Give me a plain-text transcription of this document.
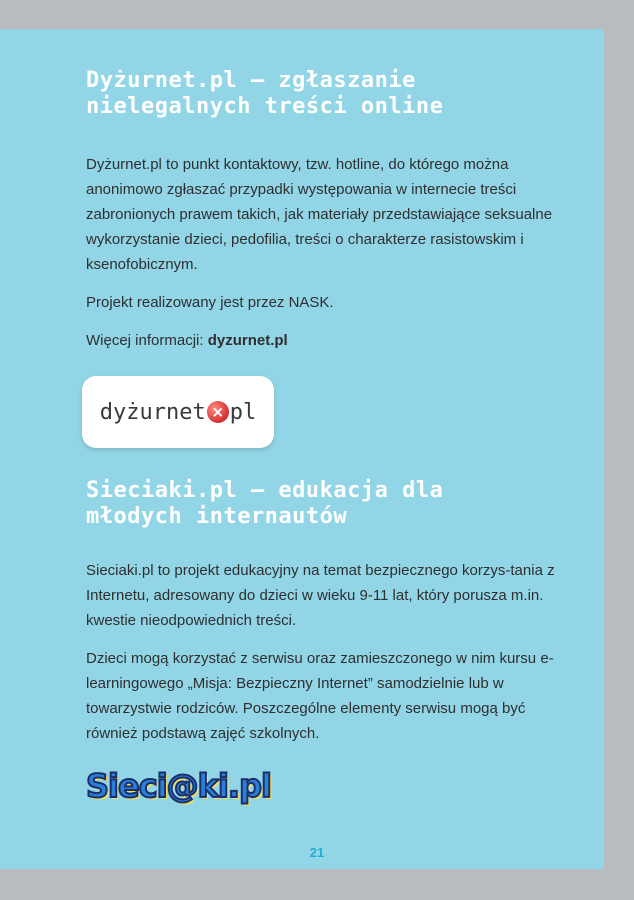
Dyżurnet.pl – zgłaszanie
nielegalnych treści online

Dyżurnet.pl to punkt kontaktowy, tzw. hotline, do którego można anonimowo zgłaszać przypadki występowania w internecie treści zabronionych prawem takich, jak materiały przedstawiające seksualne wykorzystanie dzieci, pedofilia, treści o charakterze rasistowskim i ksenofobicznym.

Projekt realizowany jest przez NASK.

Więcej informacji: dyzurnet.pl

dyżurnet × pl
Sieciaki.pl – edukacja dla
młodych internautów

Sieciaki.pl to projekt edukacyjny na temat bezpiecznego korzys-tania z Internetu, adresowany do dzieci w wieku 9-11 lat, który porusza m.in. kwestie nieodpowiednich treści.

Dzieci mogą korzystać z serwisu oraz zamieszczonego w nim kursu e-learningowego „Misja: Bezpieczny Internet” samodzielnie lub w towarzystwie rodziców. Poszczególne elementy serwisu mogą być również podstawą zajęć szkolnych.

Sieci@ki.pl
21
